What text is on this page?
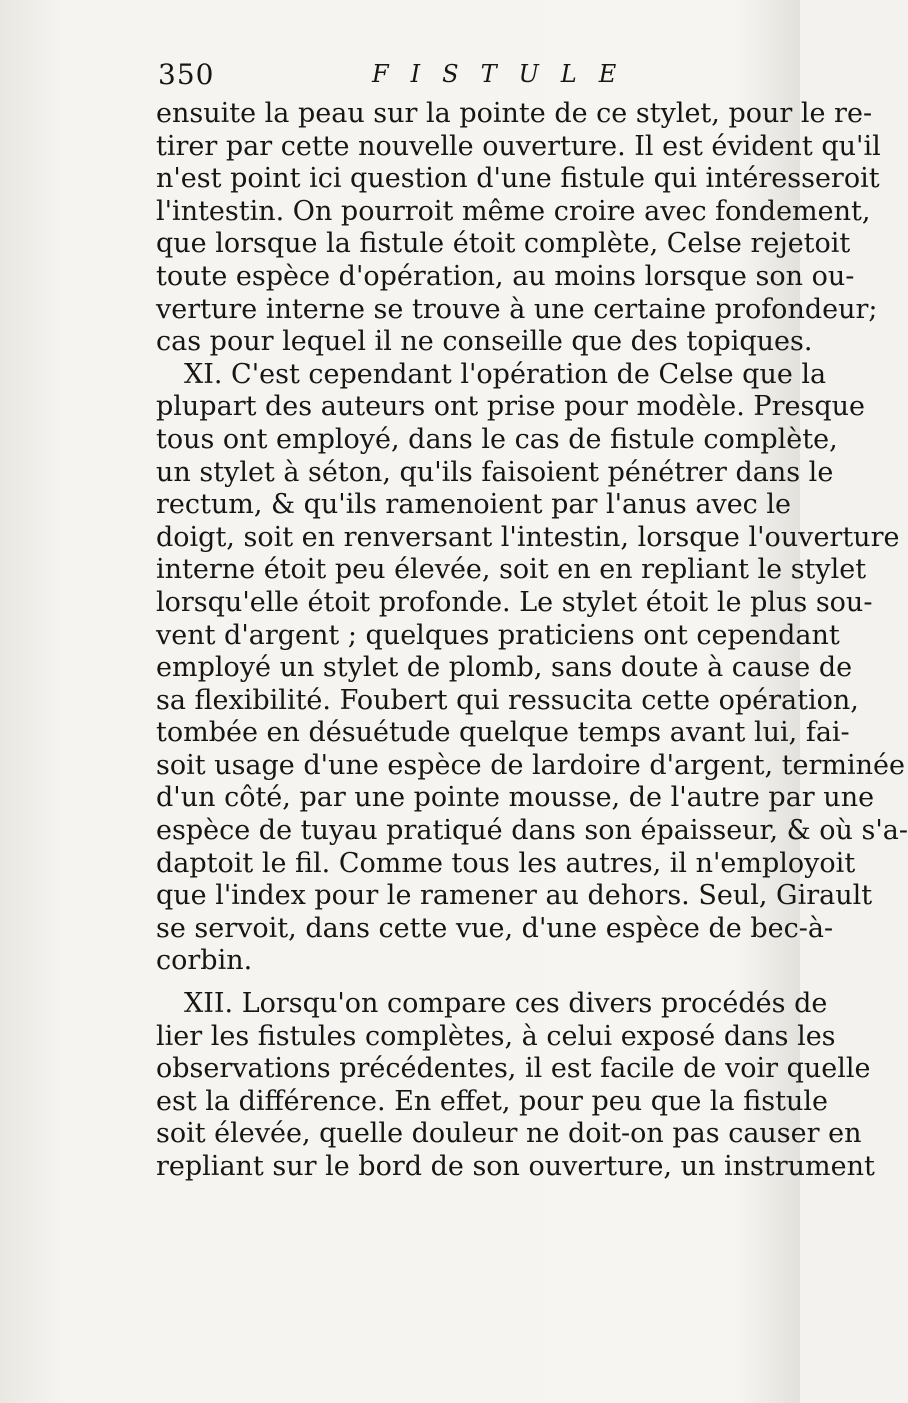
350	FISTULE
ensuite la peau sur la pointe de ce stylet, pour le re-
tirer par cette nouvelle ouverture. Il est évident qu'il
n'est point ici question d'une fistule qui intéresseroit
l'intestin. On pourroit même croire avec fondement,
que lorsque la fistule étoit complète, Celse rejetoit
toute espèce d'opération, au moins lorsque son ou-
verture interne se trouve à une certaine profondeur;
cas pour lequel il ne conseille que des topiques.
XI. C'est cependant l'opération de Celse que la
plupart des auteurs ont prise pour modèle. Presque
tous ont employé, dans le cas de fistule complète,
un stylet à séton, qu'ils faisoient pénétrer dans le
rectum, & qu'ils ramenoient par l'anus avec le
doigt, soit en renversant l'intestin, lorsque l'ouverture
interne étoit peu élevée, soit en en repliant le stylet
lorsqu'elle étoit profonde. Le stylet étoit le plus sou-
vent d'argent ; quelques praticiens ont cependant
employé un stylet de plomb, sans doute à cause de
sa flexibilité. Foubert qui ressucita cette opération,
tombée en désuétude quelque temps avant lui, fai-
soit usage d'une espèce de lardoire d'argent, terminée
d'un côté, par une pointe mousse, de l'autre par une
espèce de tuyau pratiqué dans son épaisseur, & où s'a-
daptoit le fil. Comme tous les autres, il n'employoit
que l'index pour le ramener au dehors. Seul, Girault
se servoit, dans cette vue, d'une espèce de bec-à-
corbin.
XII. Lorsqu'on compare ces divers procédés de
lier les fistules complètes, à celui exposé dans les
observations précédentes, il est facile de voir quelle
est la différence. En effet, pour peu que la fistule
soit élevée, quelle douleur ne doit-on pas causer en
repliant sur le bord de son ouverture, un instrument
